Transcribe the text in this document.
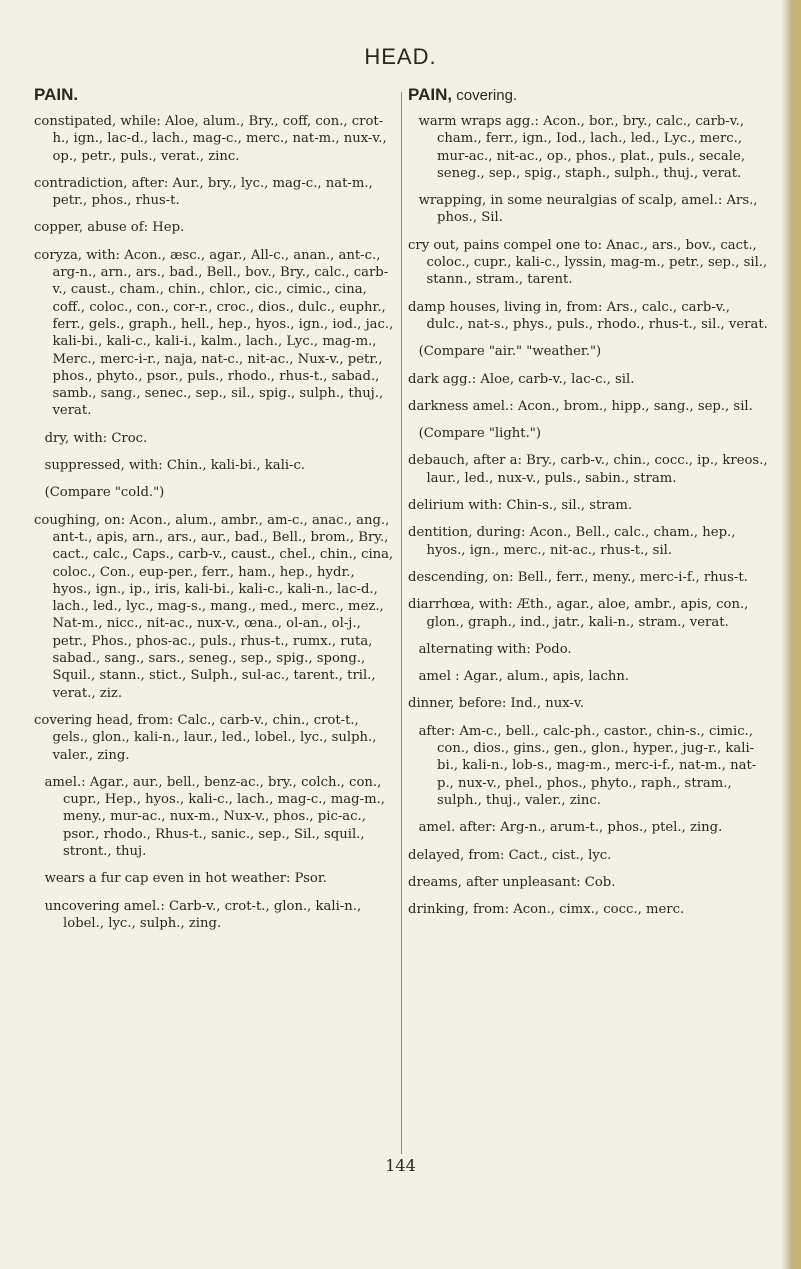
HEAD.
PAIN.

constipated, while: Aloe, alum., Bry., coff, con., crot-h., ign., lac-d., lach., mag-c., merc., nat-m., nux-v., op., petr., puls., verat., zinc.

contradiction, after: Aur., bry., lyc., mag-c., nat-m., petr., phos., rhus-t.

copper, abuse of: Hep.

coryza, with: Acon., æsc., agar., All-c., anan., ant-c., arg-n., arn., ars., bad., Bell., bov., Bry., calc., carb-v., caust., cham., chin., chlor., cic., cimic., cina, coff., coloc., con., cor-r., croc., dios., dulc., euphr., ferr., gels., graph., hell., hep., hyos., ign., iod., jac., kali-bi., kali-c., kali-i., kalm., lach., Lyc., mag-m., Merc., merc-i-r., naja, nat-c., nit-ac., Nux-v., petr., phos., phyto., psor., puls., rhodo., rhus-t., sabad., samb., sang., senec., sep., sil., spig., sulph., thuj., verat.

dry, with: Croc.

suppressed, with: Chin., kali-bi., kali-c.

(Compare "cold.")

coughing, on: Acon., alum., ambr., am-c., anac., ang., ant-t., apis, arn., ars., aur., bad., Bell., brom., Bry., cact., calc., Caps., carb-v., caust., chel., chin., cina, coloc., Con., eup-per., ferr., ham., hep., hydr., hyos., ign., ip., iris, kali-bi., kali-c., kali-n., lac-d., lach., led., lyc., mag-s., mang., med., merc., mez., Nat-m., nicc., nit-ac., nux-v., œna., ol-an., ol-j., petr., Phos., phos-ac., puls., rhus-t., rumx., ruta, sabad., sang., sars., seneg., sep., spig., spong., Squil., stann., stict., Sulph., sul-ac., tarent., tril., verat., ziz.

covering head, from: Calc., carb-v., chin., crot-t., gels., glon., kali-n., laur., led., lobel., lyc., sulph., valer., zing.

amel.: Agar., aur., bell., benz-ac., bry., colch., con., cupr., Hep., hyos., kali-c., lach., mag-c., mag-m., meny., mur-ac., nux-m., Nux-v., phos., pic-ac., psor., rhodo., Rhus-t., sanic., sep., Sil., squil., stront., thuj.

wears a fur cap even in hot weather: Psor.

uncovering amel.: Carb-v., crot-t., glon., kali-n., lobel., lyc., sulph., zing.

PAIN, covering.

warm wraps agg.: Acon., bor., bry., calc., carb-v., cham., ferr., ign., Iod., lach., led., Lyc., merc., mur-ac., nit-ac., op., phos., plat., puls., secale, seneg., sep., spig., staph., sulph., thuj., verat.

wrapping, in some neuralgias of scalp, amel.: Ars., phos., Sil.

cry out, pains compel one to: Anac., ars., bov., cact., coloc., cupr., kali-c., lyssin, mag-m., petr., sep., sil., stann., stram., tarent.

damp houses, living in, from: Ars., calc., carb-v., dulc., nat-s., phys., puls., rhodo., rhus-t., sil., verat.

(Compare "air." "weather.")

dark agg.: Aloe, carb-v., lac-c., sil.

darkness amel.: Acon., brom., hipp., sang., sep., sil.

(Compare "light.")

debauch, after a: Bry., carb-v., chin., cocc., ip., kreos., laur., led., nux-v., puls., sabin., stram.

delirium with: Chin-s., sil., stram.

dentition, during: Acon., Bell., calc., cham., hep., hyos., ign., merc., nit-ac., rhus-t., sil.

descending, on: Bell., ferr., meny., merc-i-f., rhus-t.

diarrhœa, with: Æth., agar., aloe, ambr., apis, con., glon., graph., ind., jatr., kali-n., stram., verat.

alternating with: Podo.

amel : Agar., alum., apis, lachn.

dinner, before: Ind., nux-v.

after: Am-c., bell., calc-ph., castor., chin-s., cimic., con., dios., gins., gen., glon., hyper., jug-r., kali-bi., kali-n., lob-s., mag-m., merc-i-f., nat-m., nat-p., nux-v., phel., phos., phyto., raph., stram., sulph., thuj., valer., zinc.

amel. after: Arg-n., arum-t., phos., ptel., zing.

delayed, from: Cact., cist., lyc.

dreams, after unpleasant: Cob.

drinking, from: Acon., cimx., cocc., merc.

144
